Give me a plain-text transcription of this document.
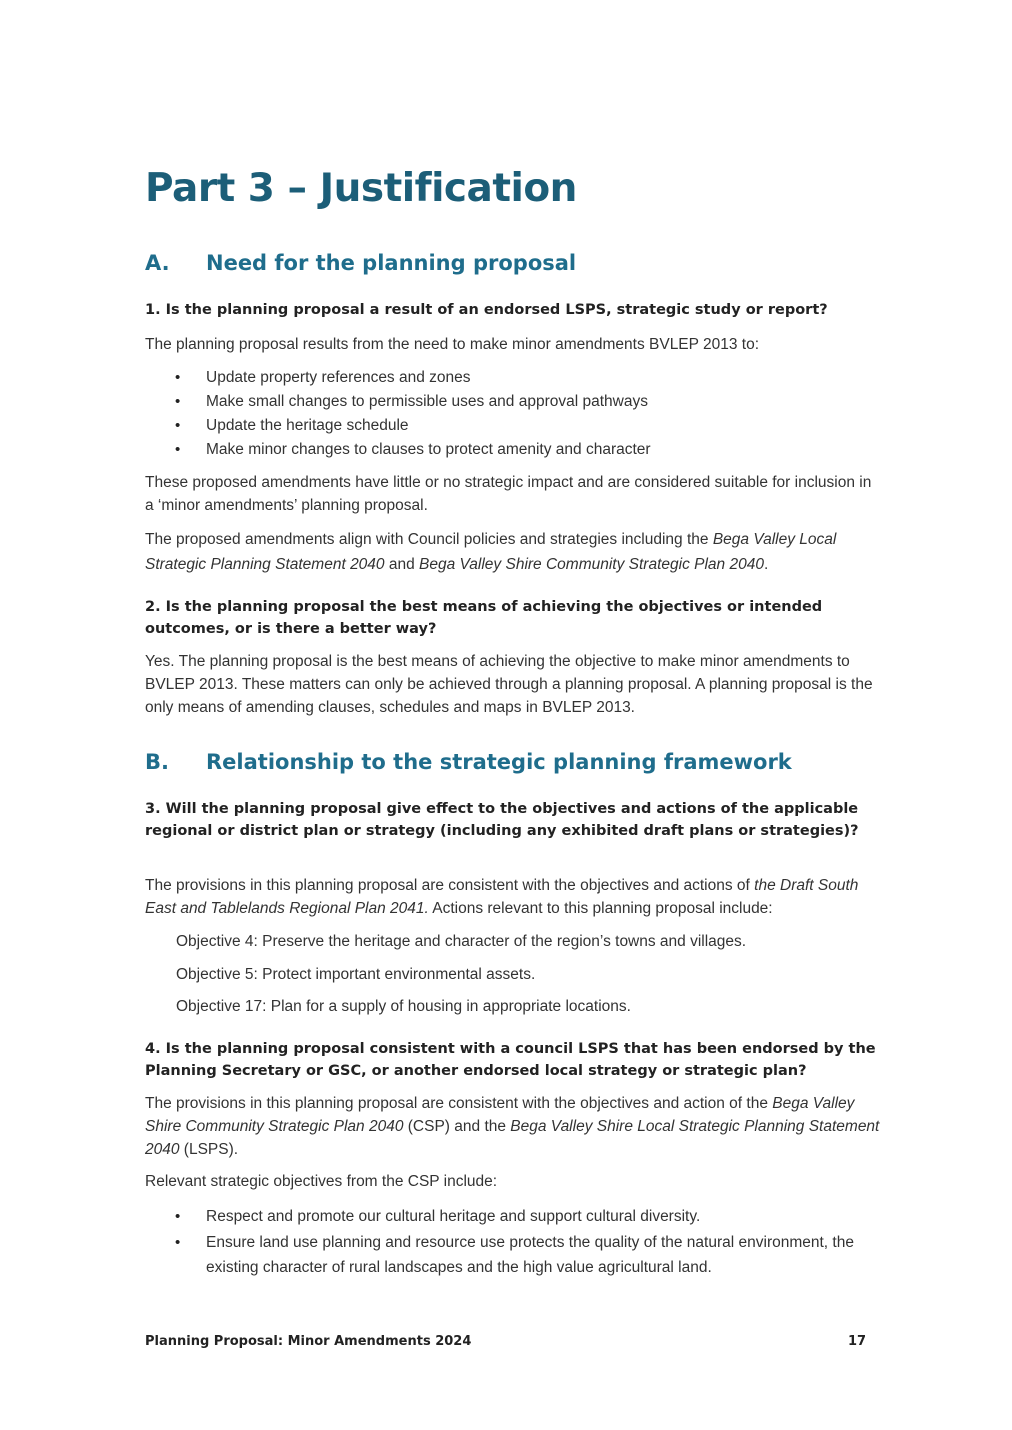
Part 3 – Justification
A. Need for the planning proposal

1. Is the planning proposal a result of an endorsed LSPS, strategic study or report?

The planning proposal results from the need to make minor amendments BVLEP 2013 to:

• Update property references and zones
• Make small changes to permissible uses and approval pathways
• Update the heritage schedule
• Make minor changes to clauses to protect amenity and character

These proposed amendments have little or no strategic impact and are considered suitable for inclusion in a ‘minor amendments’ planning proposal.

The proposed amendments align with Council policies and strategies including the Bega Valley Local Strategic Planning Statement 2040 and Bega Valley Shire Community Strategic Plan 2040.

2. Is the planning proposal the best means of achieving the objectives or intended outcomes, or is there a better way?

Yes. The planning proposal is the best means of achieving the objective to make minor amendments to BVLEP 2013. These matters can only be achieved through a planning proposal. A planning proposal is the only means of amending clauses, schedules and maps in BVLEP 2013.

B. Relationship to the strategic planning framework

3. Will the planning proposal give effect to the objectives and actions of the applicable regional or district plan or strategy (including any exhibited draft plans or strategies)?

The provisions in this planning proposal are consistent with the objectives and actions of the Draft South East and Tablelands Regional Plan 2041. Actions relevant to this planning proposal include:

Objective 4: Preserve the heritage and character of the region’s towns and villages.

Objective 5: Protect important environmental assets.

Objective 17: Plan for a supply of housing in appropriate locations.

4. Is the planning proposal consistent with a council LSPS that has been endorsed by the Planning Secretary or GSC, or another endorsed local strategy or strategic plan?

The provisions in this planning proposal are consistent with the objectives and action of the Bega Valley Shire Community Strategic Plan 2040 (CSP) and the Bega Valley Shire Local Strategic Planning Statement 2040 (LSPS).

Relevant strategic objectives from the CSP include:

• Respect and promote our cultural heritage and support cultural diversity.
• Ensure land use planning and resource use protects the quality of the natural environment, the existing character of rural landscapes and the high value agricultural land.
Planning Proposal: Minor Amendments 2024	17
